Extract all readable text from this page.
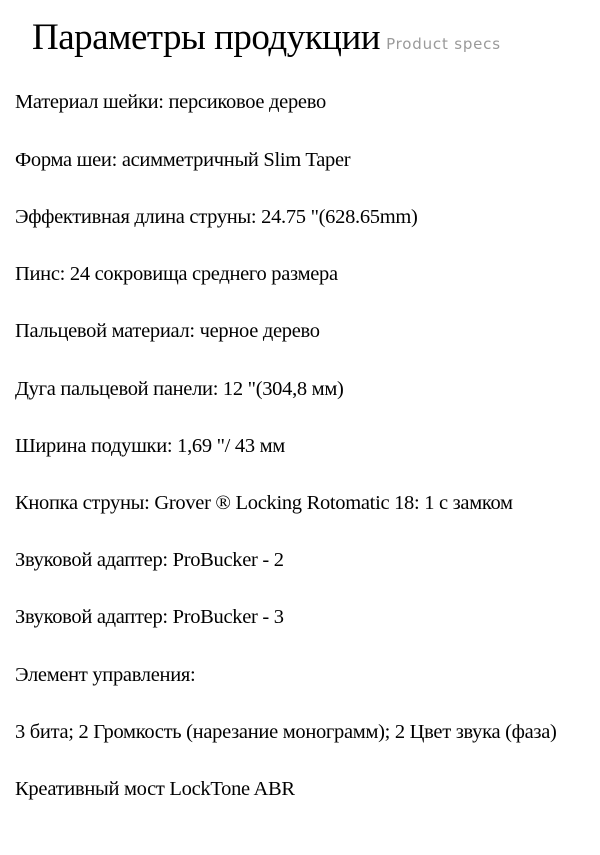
Параметры продукции Product specs
Материал шейки: персиковое дерево
Форма шеи: асимметричный Slim Taper
Эффективная длина струны: 24.75 "(628.65mm)
Пинс: 24 сокровища среднего размера
Пальцевой материал: черное дерево
Дуга пальцевой панели: 12 "(304,8 мм)
Ширина подушки: 1,69 "/ 43 мм
Кнопка струны: Grover ® Locking Rotomatic 18: 1 с замком
Звуковой адаптер: ProBucker - 2
Звуковой адаптер: ProBucker - 3
Элемент управления:
3 бита; 2 Громкость (нарезание монограмм); 2 Цвет звука (фаза)
Креативный мост LockTone ABR
